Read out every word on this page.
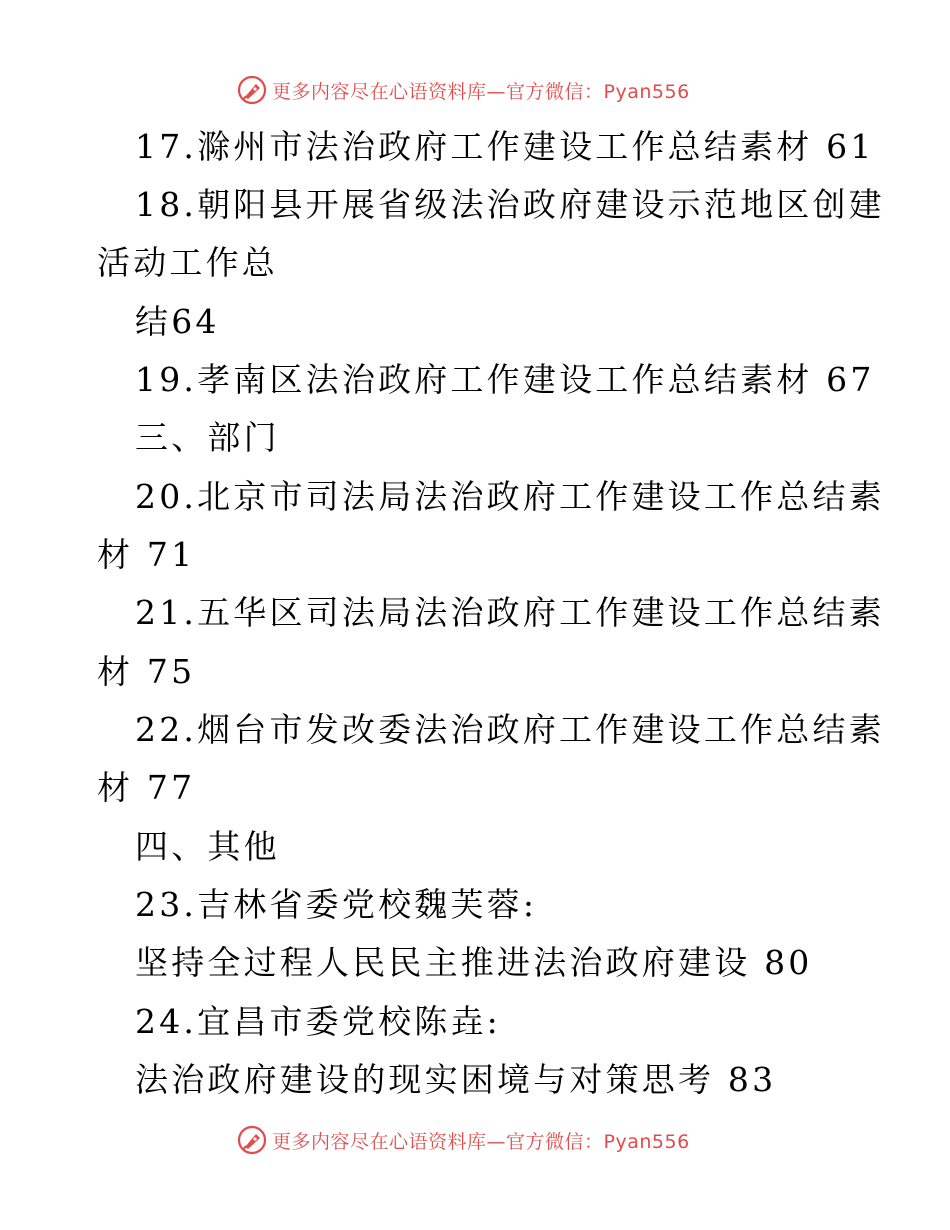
更多内容尽在心语资料库—官方微信：Pyan556
17.滁州市法治政府工作建设工作总结素材 61
18.朝阳县开展省级法治政府建设示范地区创建
活动工作总
结64
19.孝南区法治政府工作建设工作总结素材 67
三、部门
20.北京市司法局法治政府工作建设工作总结素
材 71
21.五华区司法局法治政府工作建设工作总结素
材 75
22.烟台市发改委法治政府工作建设工作总结素
材 77
四、其他
23.吉林省委党校魏芙蓉:
坚持全过程人民民主推进法治政府建设 80
24.宜昌市委党校陈垚:
法治政府建设的现实困境与对策思考 83
更多内容尽在心语资料库—官方微信：Pyan556
